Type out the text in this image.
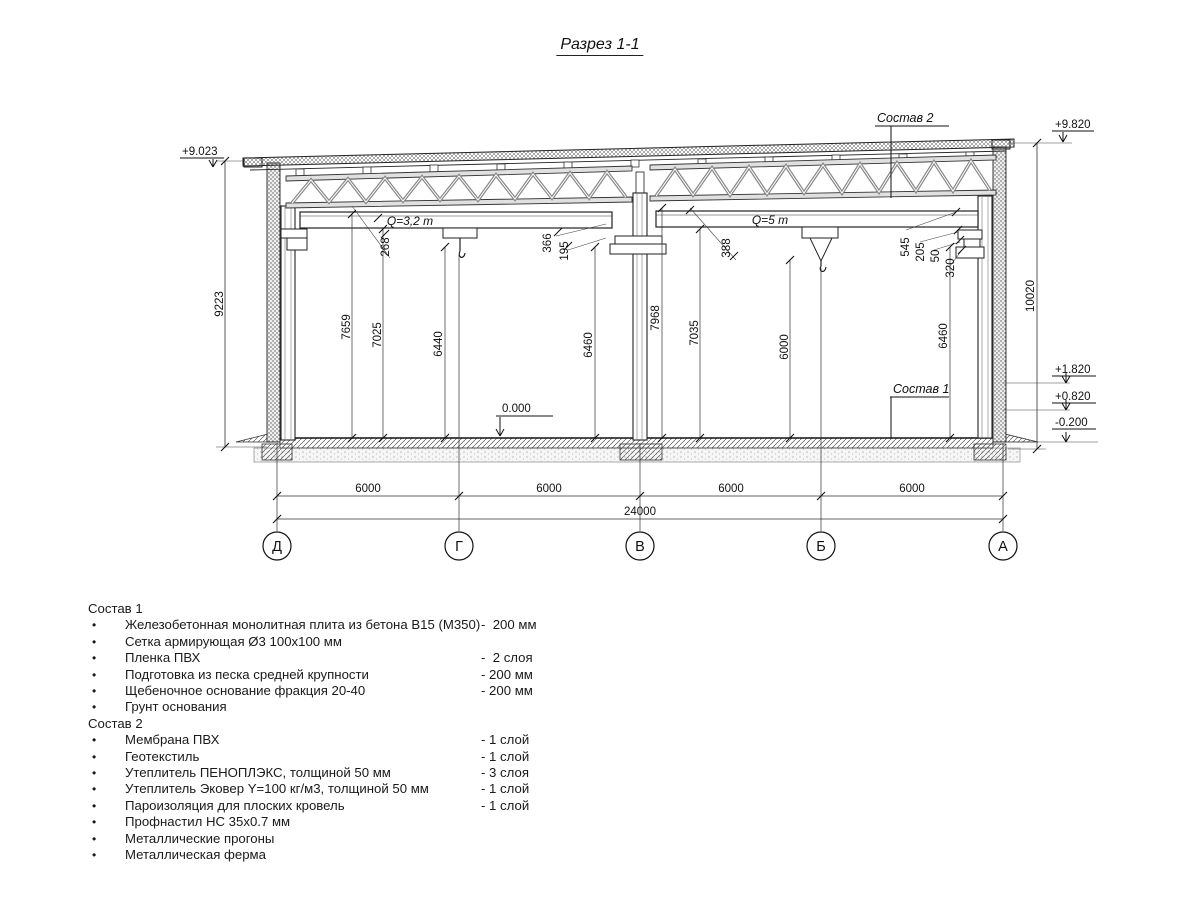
Разрез 1-1
Д	Г	В	Б	А
+9.023
+9.820
+1.820
+0.820
-0.200
0.000
Состав 2
Состав 1
Q=3,2 m	Q=5 m
9223	10020
7659 7025	6440	6460
7968
7035
6000	6460
268	366 195	388	545 205 50
320
6000	6000	6000	6000
24000
Состав 1
•	Железобетонная монолитная плита из бетона В15 (М350) -  200 мм
•	Сетка армирующая Ø3 100х100 мм
•	Пленка ПВХ	-  2 слоя
•	Подготовка из песка средней крупности	- 200 мм
•	Щебеночное основание фракция 20-40	- 200 мм
•	Грунт основания
Состав 2
•	Мембрана ПВХ	- 1 слой
•	Геотекстиль	- 1 слой
•	Утеплитель ПЕНОПЛЭКС, толщиной 50 мм	- 3 слоя
•	Утеплитель Эковер Y=100 кг/м3, толщиной 50 мм	- 1 слой
•	Пароизоляция для плоских кровель	- 1 слой
•	Профнастил НС 35х0.7 мм
•	Металлические прогоны
•	Металлическая ферма
